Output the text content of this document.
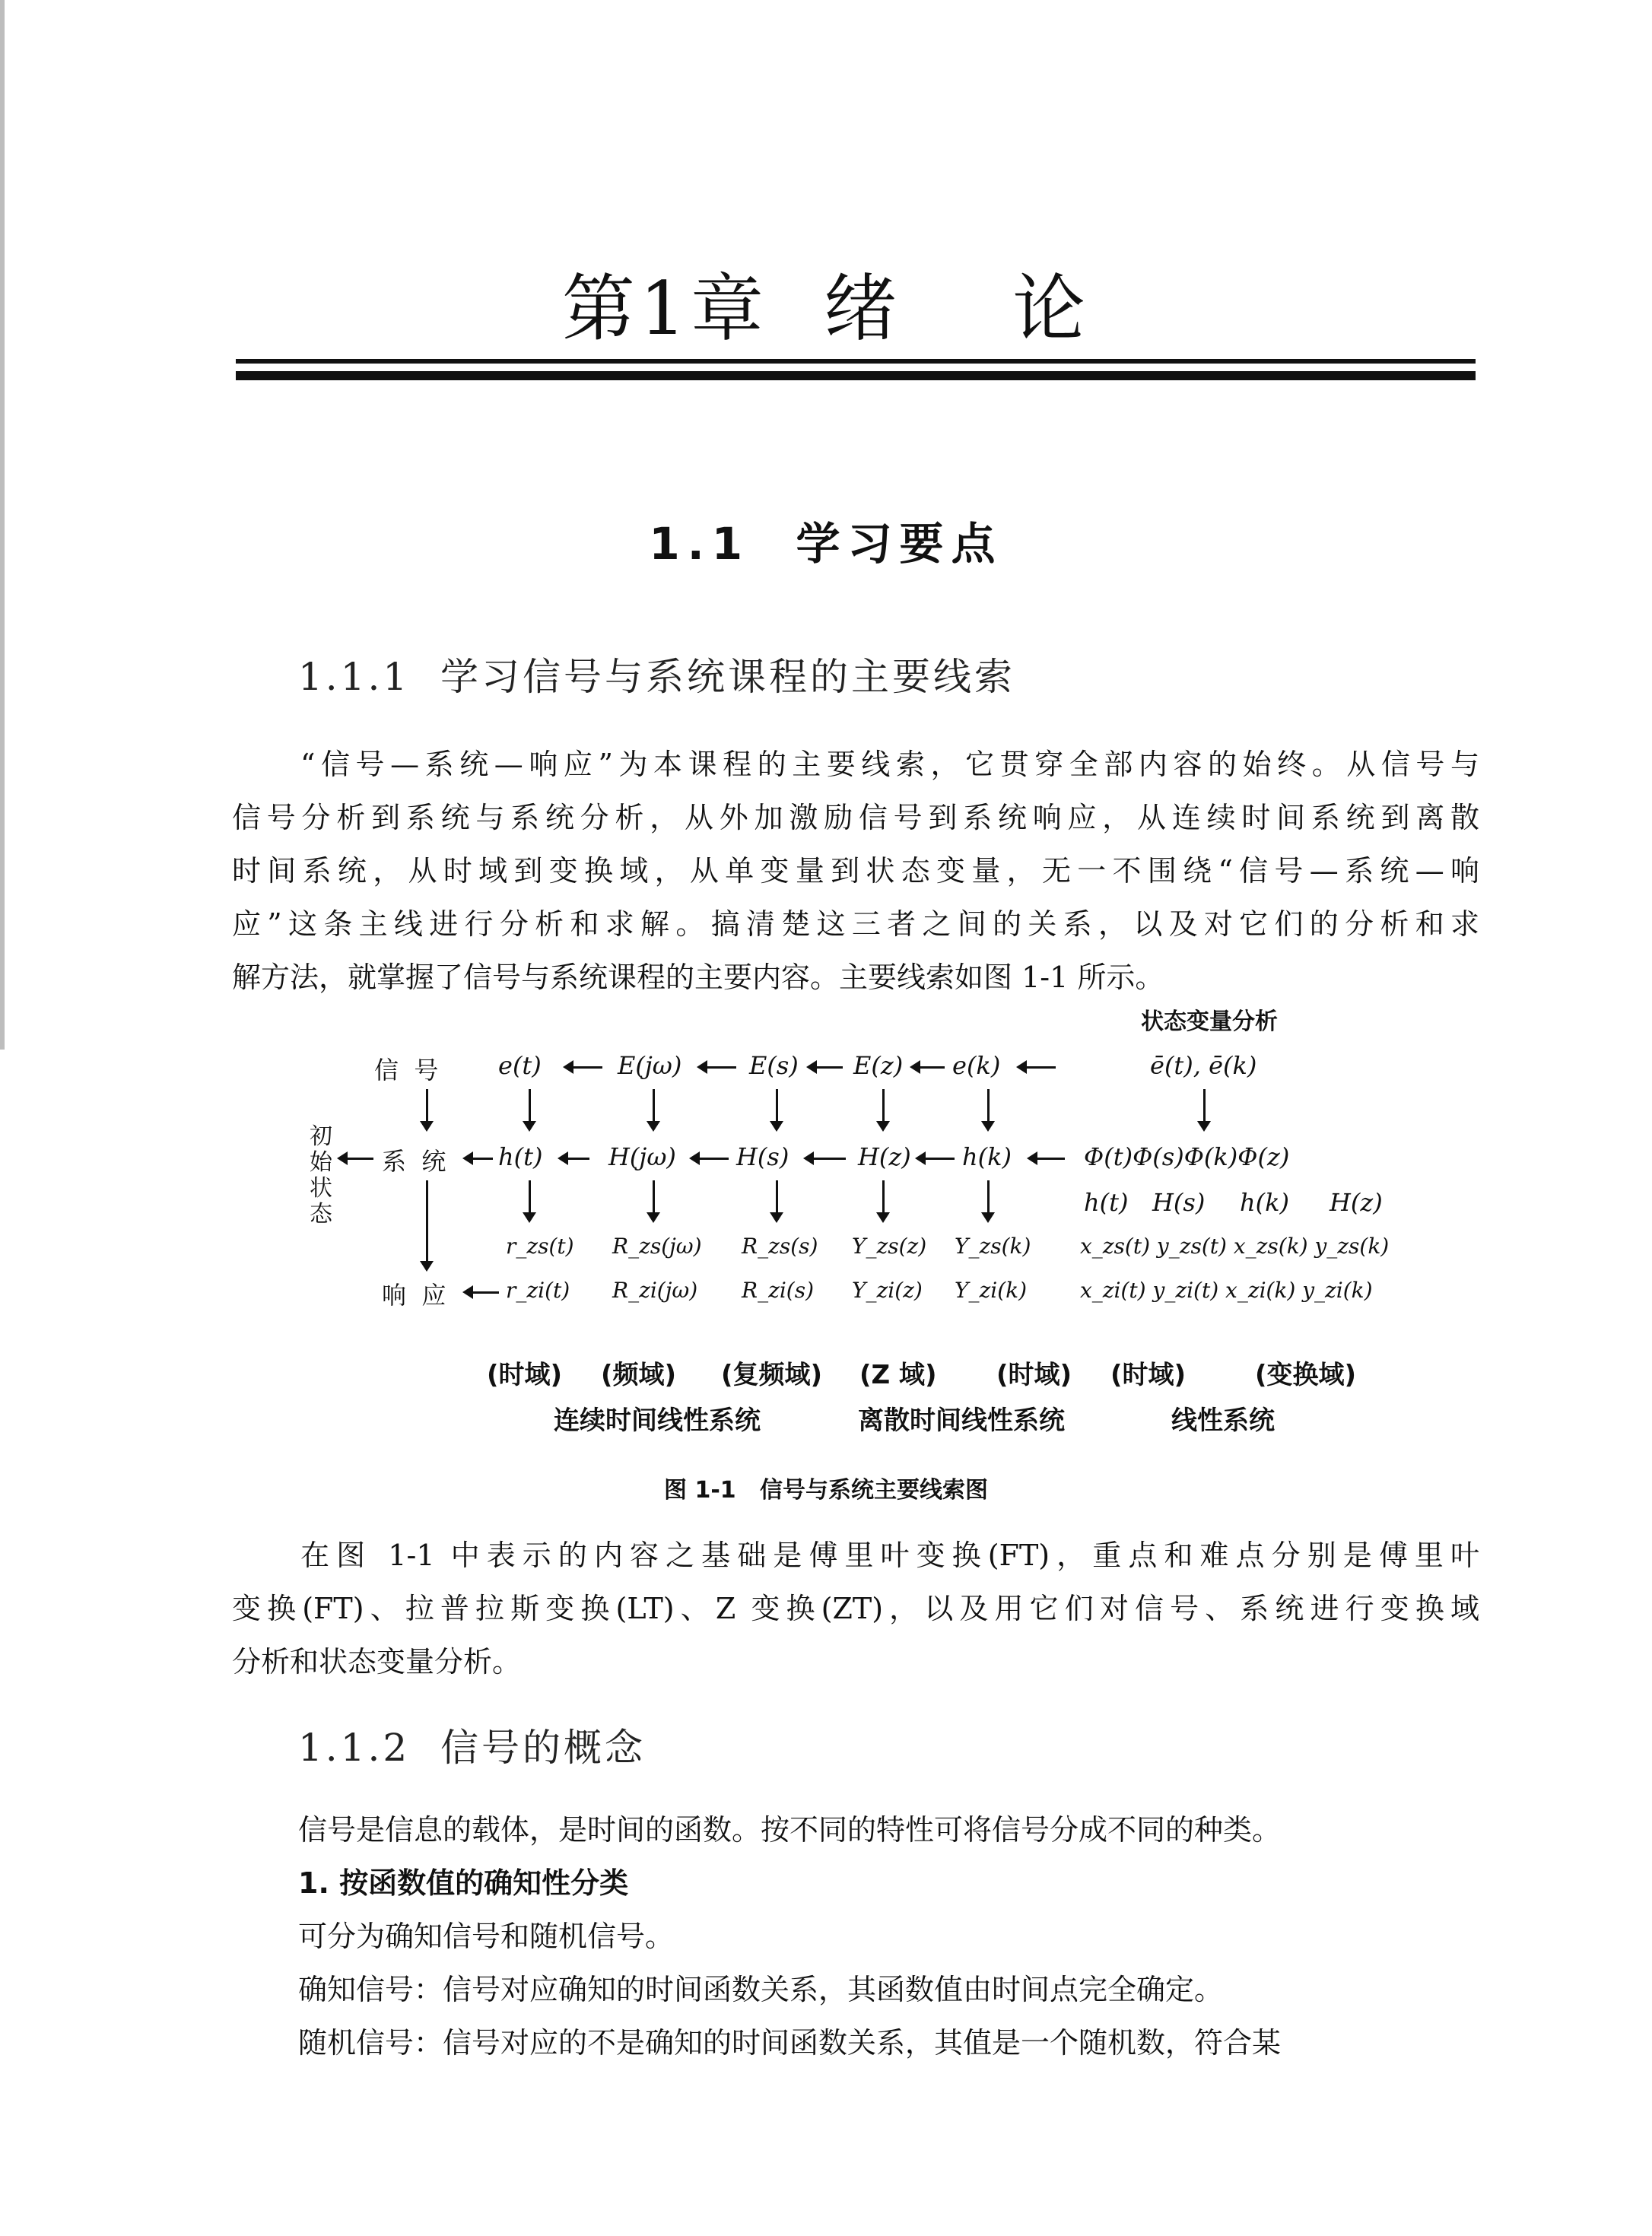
第1章  绪    论
1.1  学习要点
1.1.1  学习信号与系统课程的主要线索
“信号—系统—响应”为本课程的主要线索，它贯穿全部内容的始终。从信号与
信号分析到系统与系统分析，从外加激励信号到系统响应，从连续时间系统到离散
时间系统，从时域到变换域，从单变量到状态变量，无一不围绕“信号—系统—响
应”这条主线进行分析和求解。搞清楚这三者之间的关系，以及对它们的分析和求
解方法，就掌握了信号与系统课程的主要内容。主要线索如图 1-1 所示。
状态变量分析
信  号 e(t)	E(jω)	E(s) E(z) e(k)	ē(t), ē(k)
初
始
状
态
系  统 h(t)	H(jω) H(s)	H(z) h(k)	Φ(t)Φ(s)Φ(k)Φ(z)
h(t) H(s) h(k) H(z)
r_zs(t) R_zs(jω) R_zs(s) Y_zs(z) Y_zs(k) x_zs(t) y_zs(t) x_zs(k) y_zs(k)
响  应	r_zi(t) R_zi(jω) R_zi(s) Y_zi(z) Y_zi(k) x_zi(t) y_zi(t) x_zi(k) y_zi(k)
(时域) (频域) (复频域) (Z 域) (时域) (时域)	(变换域)
连续时间线性系统	离散时间线性系统	线性系统
图 1-1   信号与系统主要线索图
在图 1-1 中表示的内容之基础是傅里叶变换(FT)，重点和难点分别是傅里叶
变换(FT)、拉普拉斯变换(LT)、Z 变换(ZT)，以及用它们对信号、系统进行变换域
分析和状态变量分析。
1.1.2  信号的概念
信号是信息的载体，是时间的函数。按不同的特性可将信号分成不同的种类。
1. 按函数值的确知性分类
可分为确知信号和随机信号。
确知信号：信号对应确知的时间函数关系，其函数值由时间点完全确定。
随机信号：信号对应的不是确知的时间函数关系，其值是一个随机数，符合某
